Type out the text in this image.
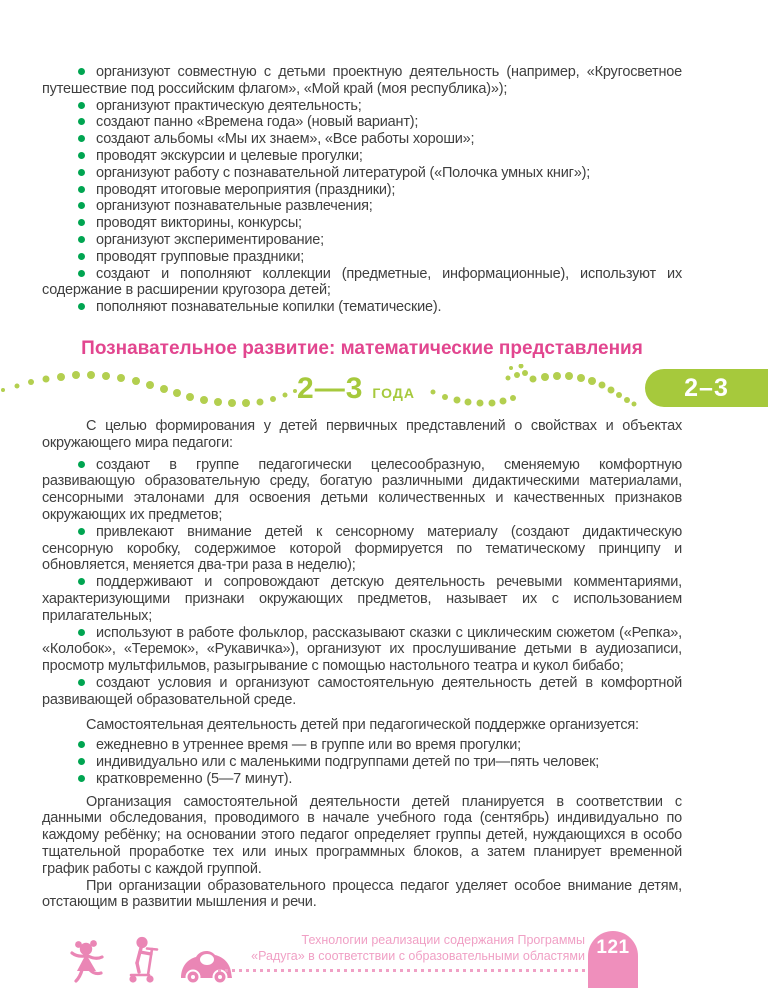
организуют совместную с детьми проектную деятельность (например, «Кругосветное путешествие под российским флагом», «Мой край (моя республика)»);

организуют практическую деятельность;

создают панно «Времена года» (новый вариант);

создают альбомы «Мы их знаем», «Все работы хороши»;

проводят экскурсии и целевые прогулки;

организуют работу с познавательной литературой («Полочка умных книг»);

проводят итоговые мероприятия (праздники);

организуют познавательные развлечения;

проводят викторины, конкурсы;

организуют экспериментирование;

проводят групповые праздники;

создают и пополняют коллекции (предметные, информационные), используют их содержание в расширении кругозора детей;

пополняют познавательные копилки (тематические).

Познавательное развитие: математические представления
2—3 ГОДА	2–3

С целью формирования у детей первичных представлений о свойствах и объектах окружающего мира педагоги:

создают в группе педагогически целесообразную, сменяемую комфортную развивающую образовательную среду, богатую различными дидактическими материалами, сенсорными эталонами для освоения детьми количественных и качественных признаков окружающих их предметов;

привлекают внимание детей к сенсорному материалу (создают дидактическую сенсорную коробку, содержимое которой формируется по тематическому принципу и обновляется, меняется два-три раза в неделю);

поддерживают и сопровождают детскую деятельность речевыми комментариями, характеризующими признаки окружающих предметов, называет их с использованием прилагательных;

используют в работе фольклор, рассказывают сказки с циклическим сюжетом («Репка», «Колобок», «Теремок», «Рукавичка»), организуют их прослушивание детьми в аудиозаписи, просмотр мультфильмов, разыгрывание с помощью настольного театра и кукол бибабо;

создают условия и организуют самостоятельную деятельность детей в комфортной развивающей образовательной среде.

Самостоятельная деятельность детей при педагогической поддержке организуется:

ежедневно в утреннее время — в группе или во время прогулки;

индивидуально или с маленькими подгруппами детей по три—пять человек;

кратковременно (5—7 минут).

Организация самостоятельной деятельности детей планируется в соответствии с данными обследования, проводимого в начале учебного года (сентябрь) индивидуально по каждому ребёнку; на основании этого педагог определяет группы детей, нуждающихся в особо тщательной проработке тех или иных программных блоков, а затем планирует временной график работы с каждой группой.

При организации образовательного процесса педагог уделяет особое внимание детям, отстающим в развитии мышления и речи.

Технологии реализации содержания Программы
«Радуга» в соответствии с образовательными областями 121
